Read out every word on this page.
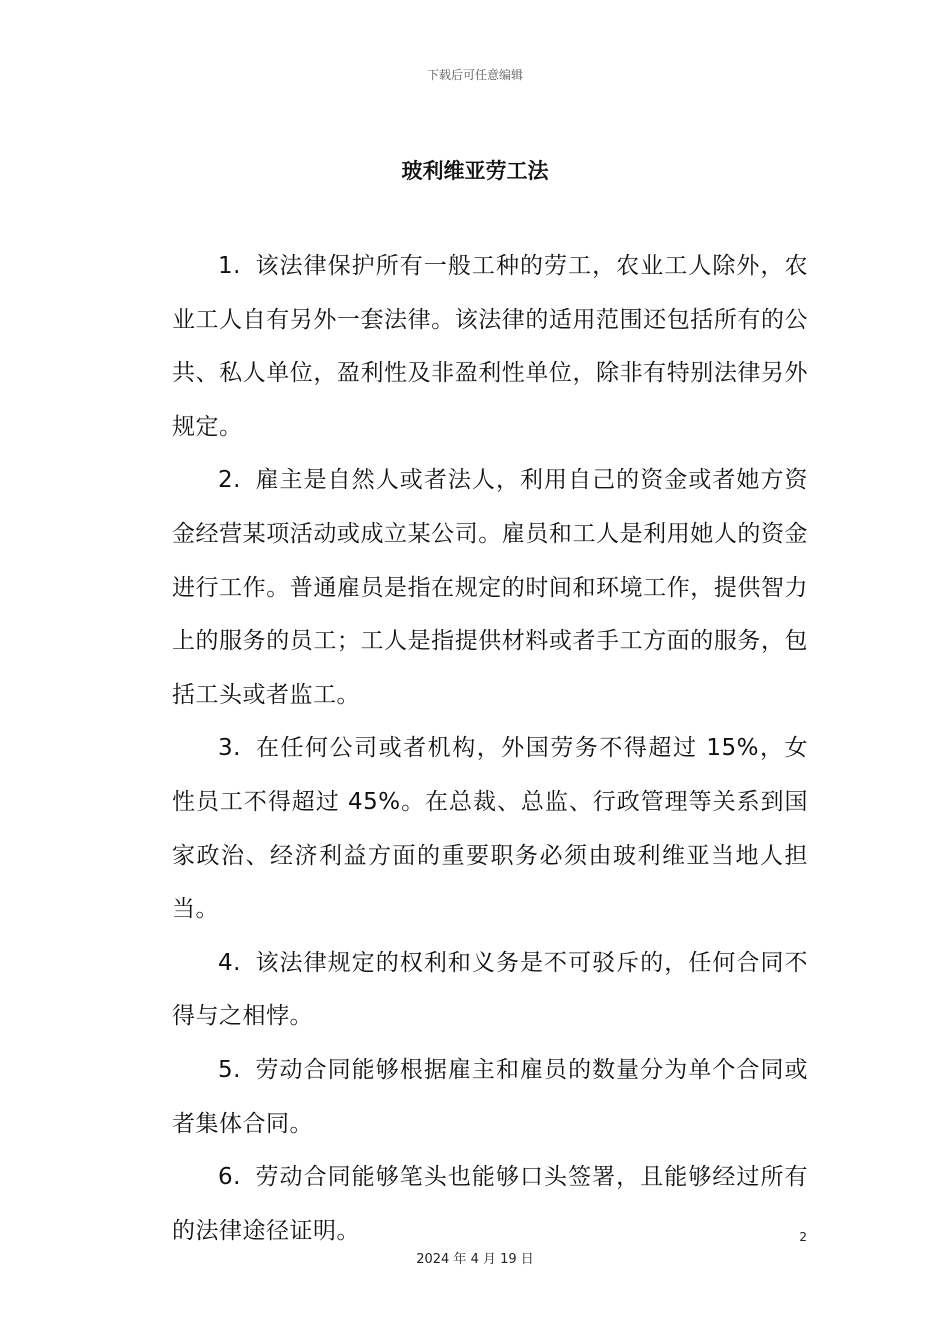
下载后可任意编辑
玻利维亚劳工法

1. 该法律保护所有一般工种的劳工，农业工人除外，农业工人自有另外一套法律。该法律的适用范围还包括所有的公共、私人单位，盈利性及非盈利性单位，除非有特别法律另外规定。

2. 雇主是自然人或者法人，利用自己的资金或者她方资金经营某项活动或成立某公司。雇员和工人是利用她人的资金进行工作。普通雇员是指在规定的时间和环境工作，提供智力上的服务的员工；工人是指提供材料或者手工方面的服务，包括工头或者监工。

3. 在任何公司或者机构，外国劳务不得超过 15%，女性员工不得超过 45%。在总裁、总监、行政管理等关系到国家政治、经济利益方面的重要职务必须由玻利维亚当地人担当。

4. 该法律规定的权利和义务是不可驳斥的，任何合同不得与之相悖。

5. 劳动合同能够根据雇主和雇员的数量分为单个合同或者集体合同。

6. 劳动合同能够笔头也能够口头签署，且能够经过所有的法律途径证明。	2
2024 年 4 月 19 日
